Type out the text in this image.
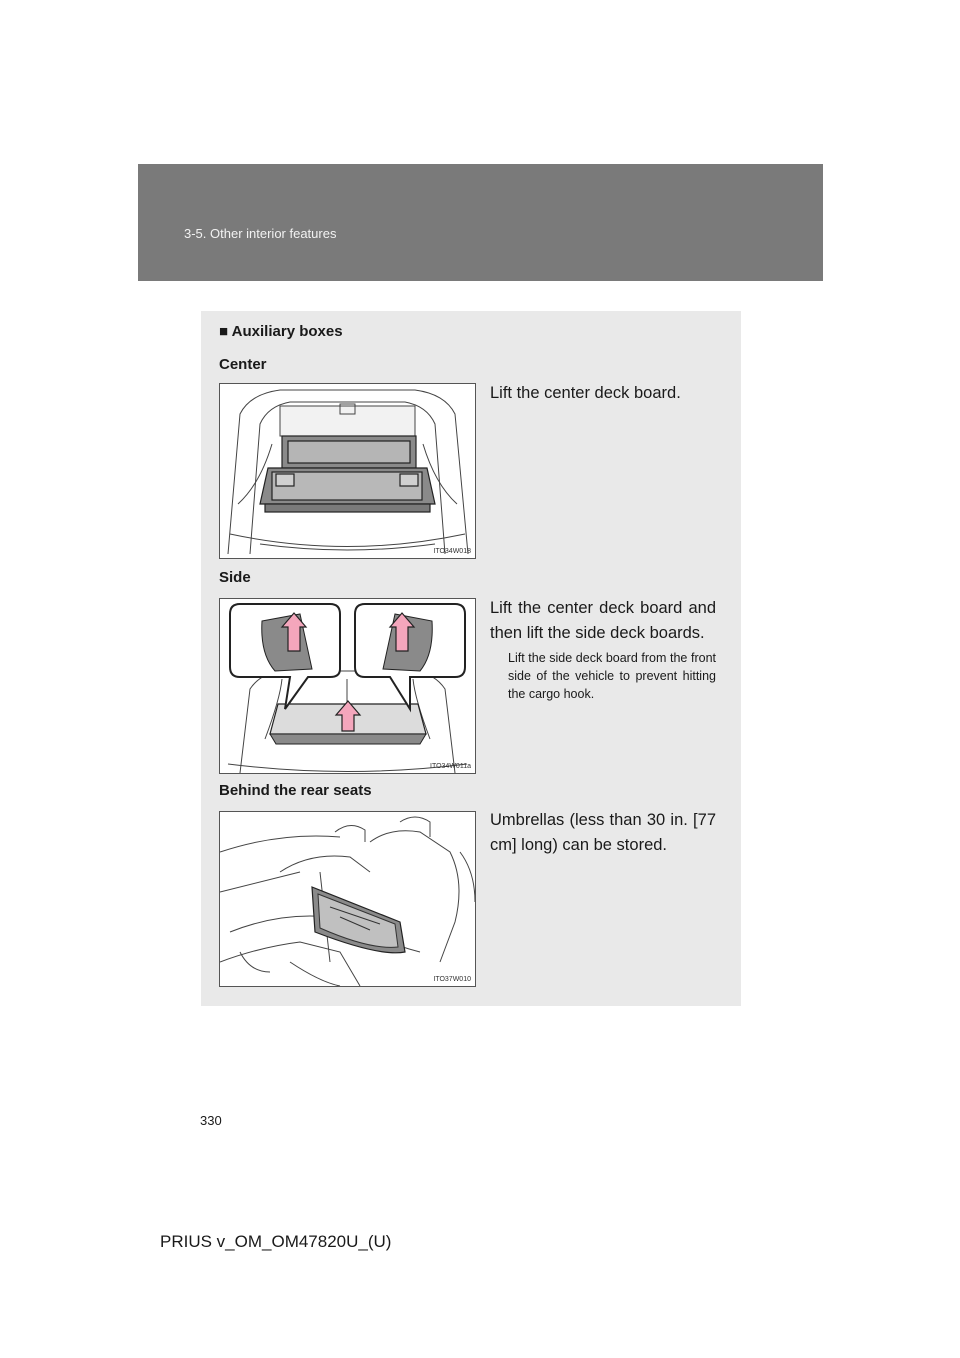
3-5. Other interior features
■ Auxiliary boxes
Center
ITO34W018
Lift the center deck board.
Side
ITO34W011a
Lift the center deck board and then lift the side deck boards.
Lift the side deck board from the front side of the vehicle to prevent hitting the cargo hook.
Behind the rear seats
ITO37W010
Umbrellas (less than 30 in. [77 cm] long) can be stored.
330
PRIUS v_OM_OM47820U_(U)
